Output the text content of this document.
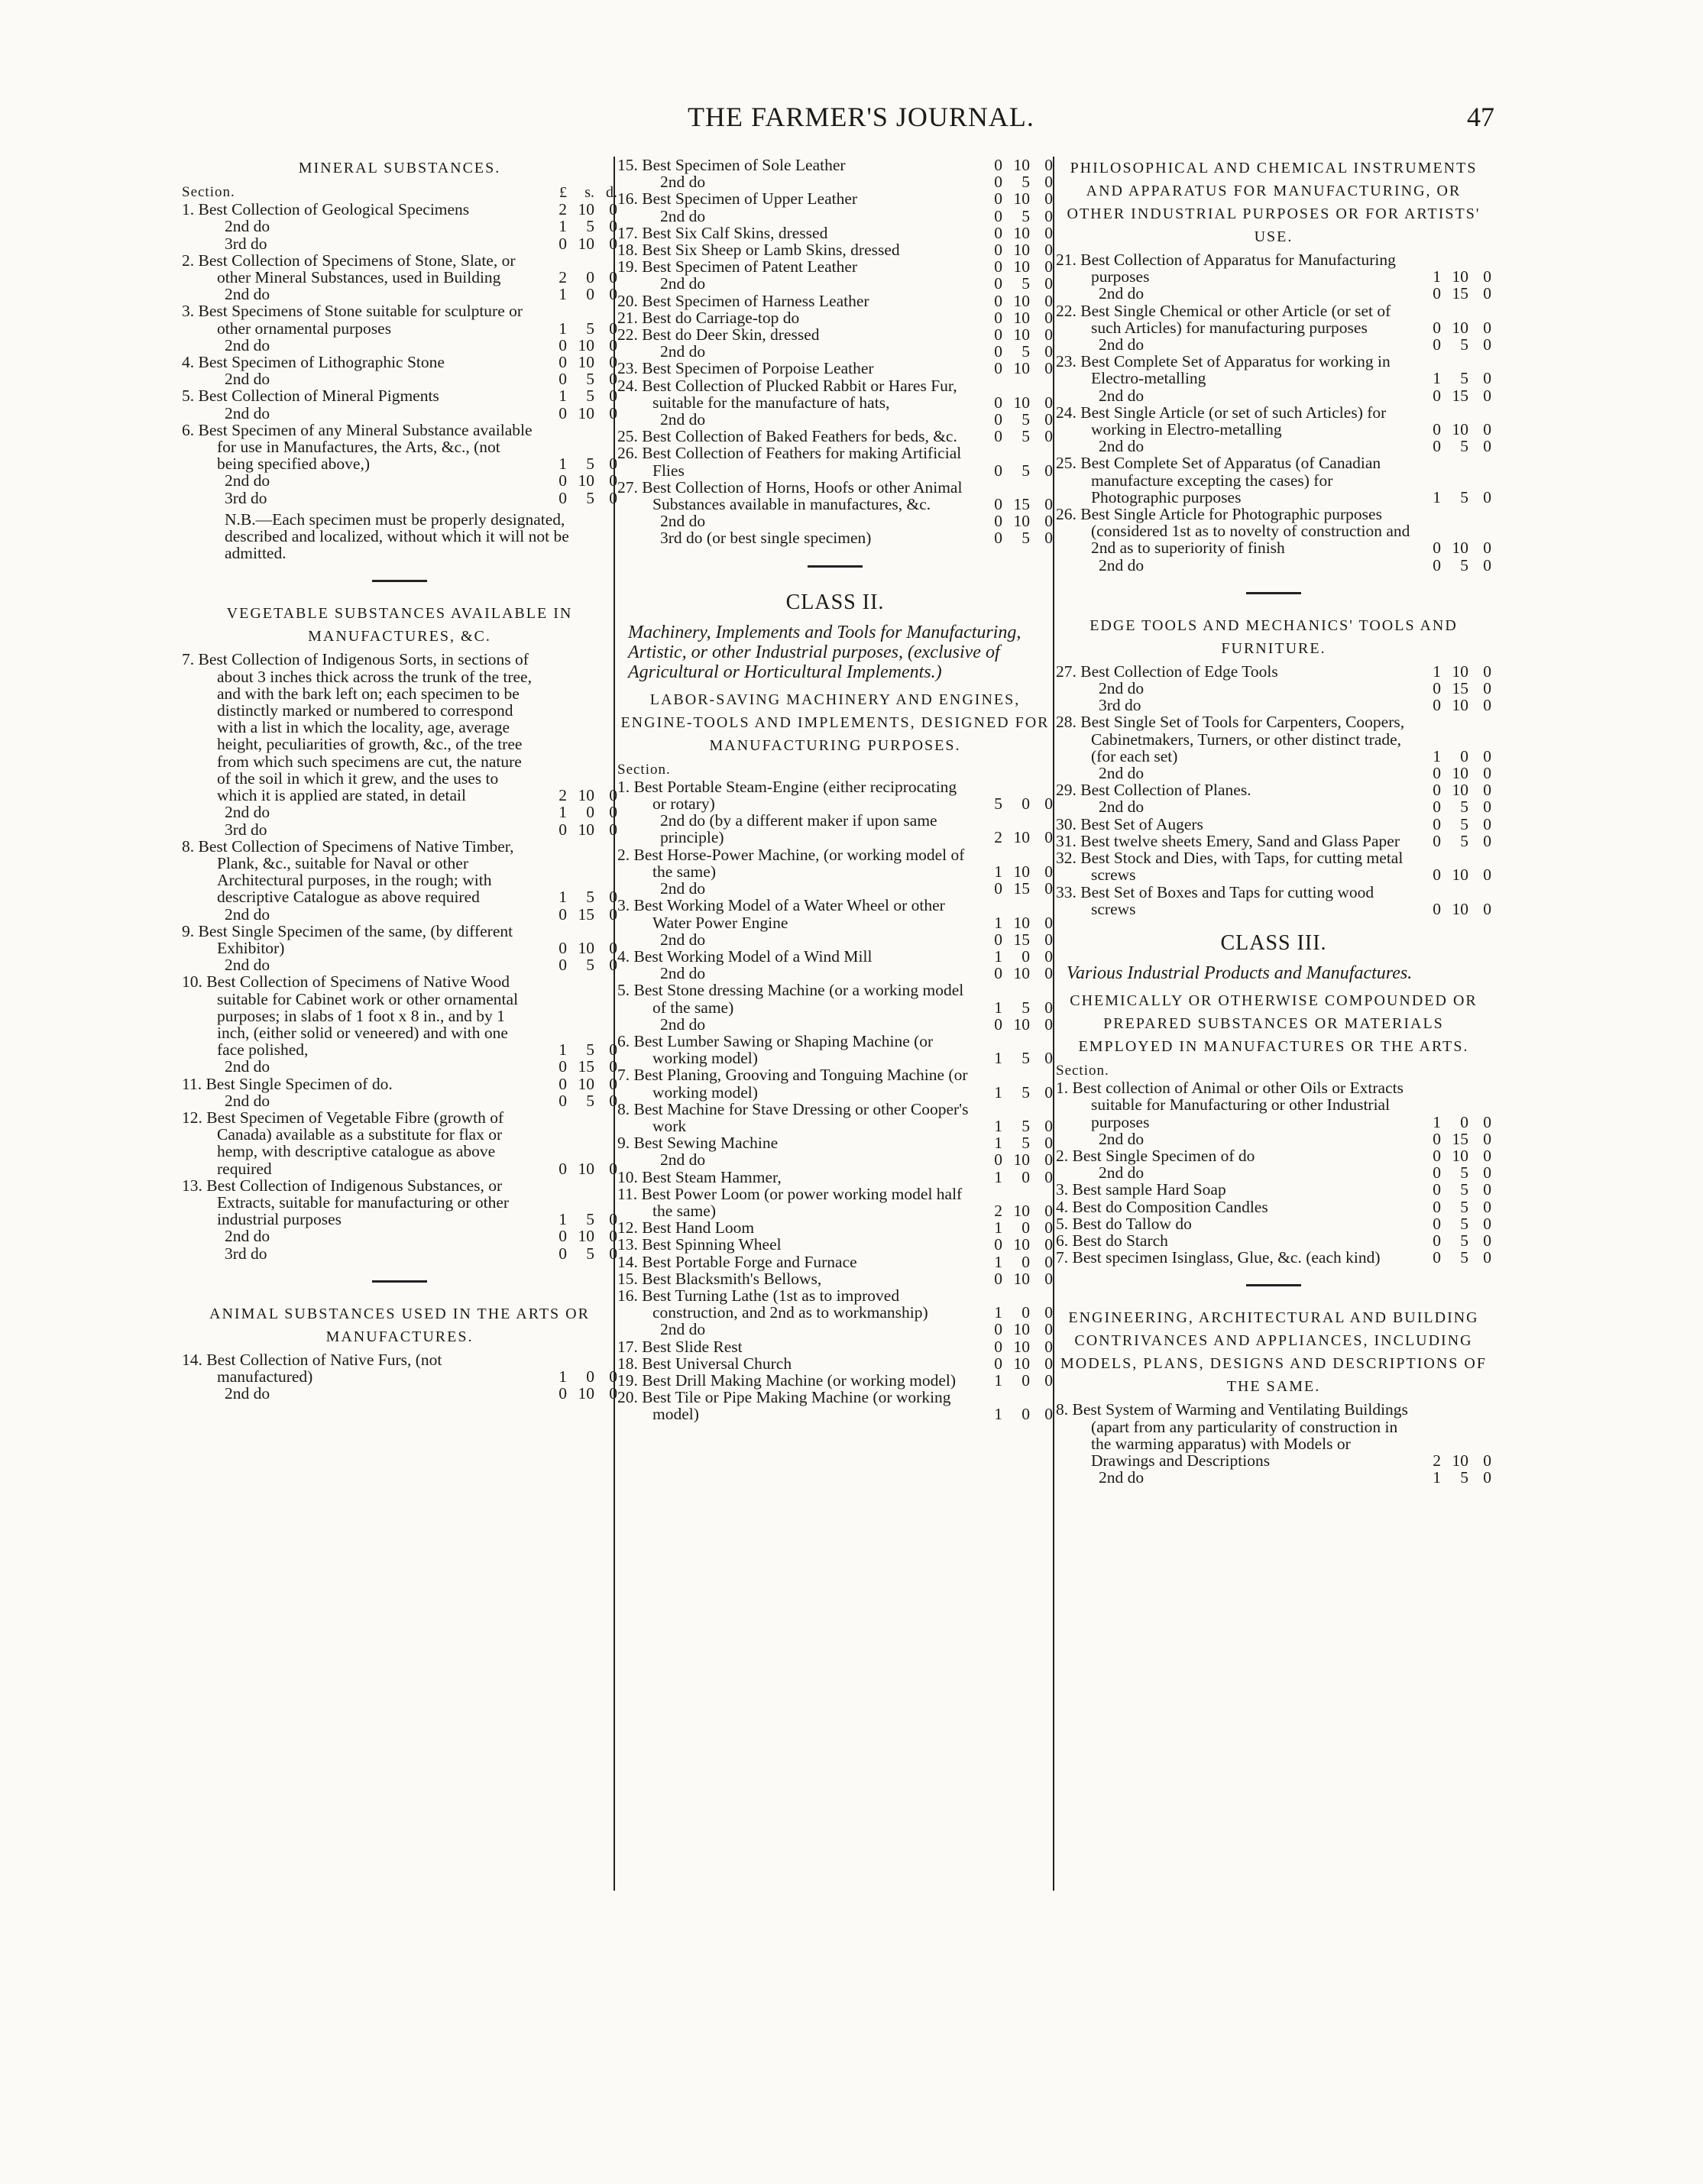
THE FARMER'S JOURNAL.	47
MINERAL SUBSTANCES.
Section.	£	s. d.
1. Best Collection of Geological Specimens	2 10 0
2nd do	1	5 0
3rd do	0 10 0
2. Best Collection of Specimens of Stone, Slate, or other Mineral Substances, used in Building	2	0 0
2nd do	1	0 0
3. Best Specimens of Stone suitable for sculpture or other ornamental purposes	1	5 0
2nd do	0 10 0
4. Best Specimen of Lithographic Stone	0 10 0
2nd do	0	5 0
5. Best Collection of Mineral Pigments	1	5 0
2nd do	0 10 0
6. Best Specimen of any Mineral Substance available for use in Manufactures, the Arts, &c., (not being specified above,)	1	5 0
2nd do	0 10 0
3rd do	0	5 0
N.B.—Each specimen must be properly designated, described and localized, without which it will not be admitted.
VEGETABLE SUBSTANCES AVAILABLE IN MANUFACTURES, &C.
7. Best Collection of Indigenous Sorts, in sections of about 3 inches thick across the trunk of the tree, and with the bark left on; each specimen to be distinctly marked or numbered to correspond with a list in which the locality, age, average height, peculiarities of growth, &c., of the tree from which such specimens are cut, the nature of the soil in which it grew, and the uses to which it is applied are stated, in detail	2 10 0
2nd do	1	0 0
3rd do	0 10 0
8. Best Collection of Specimens of Native Timber, Plank, &c., suitable for Naval or other Architectural purposes, in the rough; with descriptive Catalogue as above required	1	5 0
2nd do	0 15 0
9. Best Single Specimen of the same, (by different Exhibitor)	0 10 0
2nd do	0	5 0
10. Best Collection of Specimens of Native Wood suitable for Cabinet work or other ornamental purposes; in slabs of 1 foot x 8 in., and by 1 inch, (either solid or veneered) and with one face polished,	1	5 0
2nd do	0 15 0
11. Best Single Specimen of do.	0 10 0
2nd do	0	5 0
12. Best Specimen of Vegetable Fibre (growth of Canada) available as a substitute for flax or hemp, with descriptive catalogue as above required	0 10 0
13. Best Collection of Indigenous Substances, or Extracts, suitable for manufacturing or other industrial purposes	1	5 0
2nd do	0 10 0
3rd do	0	5 0
ANIMAL SUBSTANCES USED IN THE ARTS OR MANUFACTURES.
14. Best Collection of Native Furs, (not manufactured)	1	0 0
2nd do	0 10 0
15. Best Specimen of Sole Leather	0 10 0
2nd do	0	5 0
16. Best Specimen of Upper Leather	0 10 0
2nd do	0	5 0
17. Best Six Calf Skins, dressed	0 10 0
18. Best Six Sheep or Lamb Skins, dressed	0 10 0
19. Best Specimen of Patent Leather	0 10 0
2nd do	0	5 0
20. Best Specimen of Harness Leather	0 10 0
21. Best do Carriage-top do	0 10 0
22. Best do Deer Skin, dressed	0 10 0
2nd do	0	5 0
23. Best Specimen of Porpoise Leather	0 10 0
24. Best Collection of Plucked Rabbit or Hares Fur, suitable for the manufacture of hats,	0 10 0
2nd do	0	5 0
25. Best Collection of Baked Feathers for beds, &c.	0	5 0
26. Best Collection of Feathers for making Artificial Flies	0	5 0
27. Best Collection of Horns, Hoofs or other Animal Substances available in manufactures, &c.	0 15 0
2nd do	0 10 0
3rd do (or best single specimen)	0	5 0
CLASS II.
Machinery, Implements and Tools for Manufacturing, Artistic, or other Industrial purposes, (exclusive of Agricultural or Horticultural Implements.)
LABOR-SAVING MACHINERY AND ENGINES, ENGINE-TOOLS AND IMPLEMENTS, DESIGNED FOR MANUFACTURING PURPOSES.
Section.
1. Best Portable Steam-Engine (either reciprocating or rotary)	5	0 0
2nd do (by a different maker if upon same principle)	2 10 0
2. Best Horse-Power Machine, (or working model of the same)	1 10 0
2nd do	0 15 0
3. Best Working Model of a Water Wheel or other Water Power Engine	1 10 0
2nd do	0 15 0
4. Best Working Model of a Wind Mill	1	0 0
2nd do	0 10 0
5. Best Stone dressing Machine (or a working model of the same)	1	5 0
2nd do	0 10 0
6. Best Lumber Sawing or Shaping Machine (or working model)	1	5 0
7. Best Planing, Grooving and Tonguing Machine (or working model)	1	5 0
8. Best Machine for Stave Dressing or other Cooper's work	1	5 0
9. Best Sewing Machine	1	5 0
2nd do	0 10 0
10. Best Steam Hammer,	1	0 0
11. Best Power Loom (or power working model half the same)	2 10 0
12. Best Hand Loom	1	0 0
13. Best Spinning Wheel	0 10 0
14. Best Portable Forge and Furnace	1	0 0
15. Best Blacksmith's Bellows,	0 10 0
16. Best Turning Lathe (1st as to improved construction, and 2nd as to workmanship)	1	0 0
2nd do	0 10 0
17. Best Slide Rest	0 10 0
18. Best Universal Church	0 10 0
19. Best Drill Making Machine (or working model)	1	0 0
20. Best Tile or Pipe Making Machine (or working model)	1	0 0
PHILOSOPHICAL AND CHEMICAL INSTRUMENTS AND APPARATUS FOR MANUFACTURING, OR OTHER INDUSTRIAL PURPOSES OR FOR ARTISTS' USE.
21. Best Collection of Apparatus for Manufacturing purposes	1 10 0
2nd do	0 15 0
22. Best Single Chemical or other Article (or set of such Articles) for manufacturing purposes	0 10 0
2nd do	0	5 0
23. Best Complete Set of Apparatus for working in Electro-metalling	1	5 0
2nd do	0 15 0
24. Best Single Article (or set of such Articles) for working in Electro-metalling	0 10 0
2nd do	0	5 0
25. Best Complete Set of Apparatus (of Canadian manufacture excepting the cases) for Photographic purposes	1	5 0
26. Best Single Article for Photographic purposes (considered 1st as to novelty of construction and 2nd as to superiority of finish	0 10 0
2nd do	0	5 0
EDGE TOOLS AND MECHANICS' TOOLS AND FURNITURE.
27. Best Collection of Edge Tools	1 10 0
2nd do	0 15 0
3rd do	0 10 0
28. Best Single Set of Tools for Carpenters, Coopers, Cabinetmakers, Turners, or other distinct trade, (for each set)	1	0 0
2nd do	0 10 0
29. Best Collection of Planes.	0 10 0
2nd do	0	5 0
30. Best Set of Augers	0	5 0
31. Best twelve sheets Emery, Sand and Glass Paper	0	5 0
32. Best Stock and Dies, with Taps, for cutting metal screws	0 10 0
33. Best Set of Boxes and Taps for cutting wood screws	0 10 0
CLASS III.
Various Industrial Products and Manufactures.
CHEMICALLY OR OTHERWISE COMPOUNDED OR PREPARED SUBSTANCES OR MATERIALS EMPLOYED IN MANUFACTURES OR THE ARTS.
Section.
1. Best collection of Animal or other Oils or Extracts suitable for Manufacturing or other Industrial purposes	1	0 0
2nd do	0 15 0
2. Best Single Specimen of do	0 10 0
2nd do	0	5 0
3. Best sample Hard Soap	0	5 0
4. Best do Composition Candles	0	5 0
5. Best do Tallow do	0	5 0
6. Best do Starch	0	5 0
7. Best specimen Isinglass, Glue, &c. (each kind)	0	5 0
ENGINEERING, ARCHITECTURAL AND BUILDING CONTRIVANCES AND APPLIANCES, INCLUDING MODELS, PLANS, DESIGNS AND DESCRIPTIONS OF THE SAME.
8. Best System of Warming and Ventilating Buildings (apart from any particularity of construction in the warming apparatus) with Models or Drawings and Descriptions	2 10 0
2nd do	1	5 0
